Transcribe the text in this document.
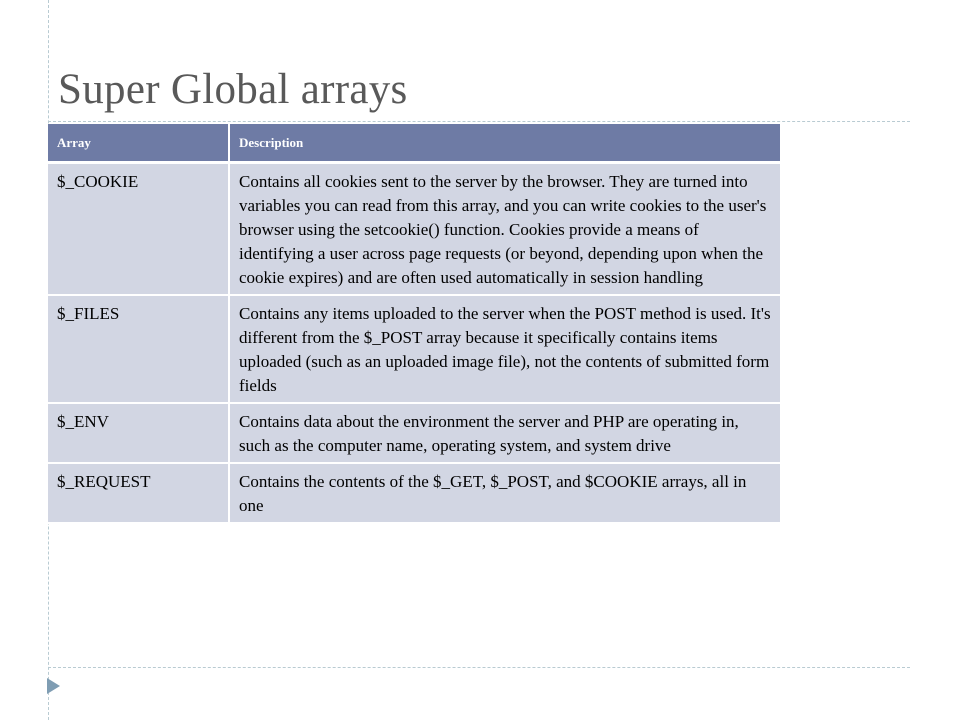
Super Global arrays
Array	Description
$_COOKIE	Contains all cookies sent to the server by the browser. They are turned into variables you can read from this array, and you can write cookies to the user's browser using the setcookie() function. Cookies provide a means of identifying a user across page requests (or beyond, depending upon when the cookie expires) and are often used automatically in session handling
$_FILES	Contains any items uploaded to the server when the POST method is used. It's different from the $_POST array because it specifically contains items uploaded (such as an uploaded image file), not the contents of submitted form fields
$_ENV	Contains data about the environment the server and PHP are operating in, such as the computer name, operating system, and system drive
$_REQUEST	Contains the contents of the $_GET, $_POST, and $COOKIE arrays, all in one
